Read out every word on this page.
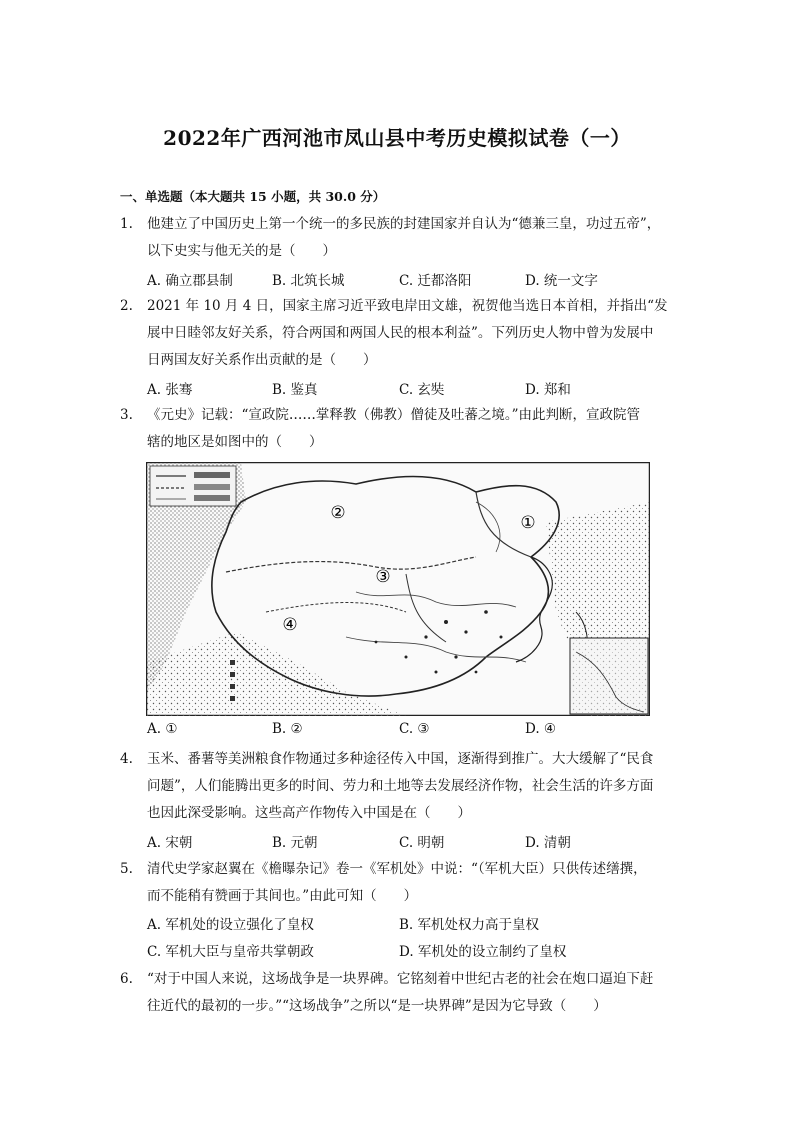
2022年广西河池市凤山县中考历史模拟试卷（一）
一、单选题（本大题共 15 小题，共 30.0 分）
1. 他建立了中国历史上第一个统一的多民族的封建国家并自认为“德兼三皇，功过五帝”，
以下史实与他无关的是（　　）
A. 确立郡县制	B. 北筑长城	C. 迁都洛阳	D. 统一文字
2. 2021 年 10 月 4 日，国家主席习近平致电岸田文雄，祝贺他当选日本首相，并指出“发
展中日睦邻友好关系，符合两国和两国人民的根本利益”。下列历史人物中曾为发展中
日两国友好关系作出贡献的是（　　）
A. 张骞	B. 鉴真	C. 玄奘	D. 郑和
3. 《元史》记载：“宣政院……掌释教（佛教）僧徒及吐蕃之境。”由此判断，宣政院管
辖的地区是如图中的（　　）
①
②
③
④
A. ①	B. ②	C. ③	D. ④
4. 玉米、番薯等美洲粮食作物通过多种途径传入中国，逐渐得到推广。大大缓解了“民食
问题”，人们能腾出更多的时间、劳力和土地等去发展经济作物，社会生活的许多方面
也因此深受影响。这些高产作物传入中国是在（　　）
A. 宋朝	B. 元朝	C. 明朝	D. 清朝
5. 清代史学家赵翼在《檐曝杂记》卷一《军机处》中说：“（军机大臣）只供传述缮撰，
而不能稍有赞画于其间也。”由此可知（　　）
A. 军机处的设立强化了皇权	B. 军机处权力高于皇权
C. 军机大臣与皇帝共掌朝政	D. 军机处的设立制约了皇权
6. “对于中国人来说，这场战争是一块界碑。它铭刻着中世纪古老的社会在炮口逼迫下赶
往近代的最初的一步。”“这场战争”之所以“是一块界碑”是因为它导致（　　）
